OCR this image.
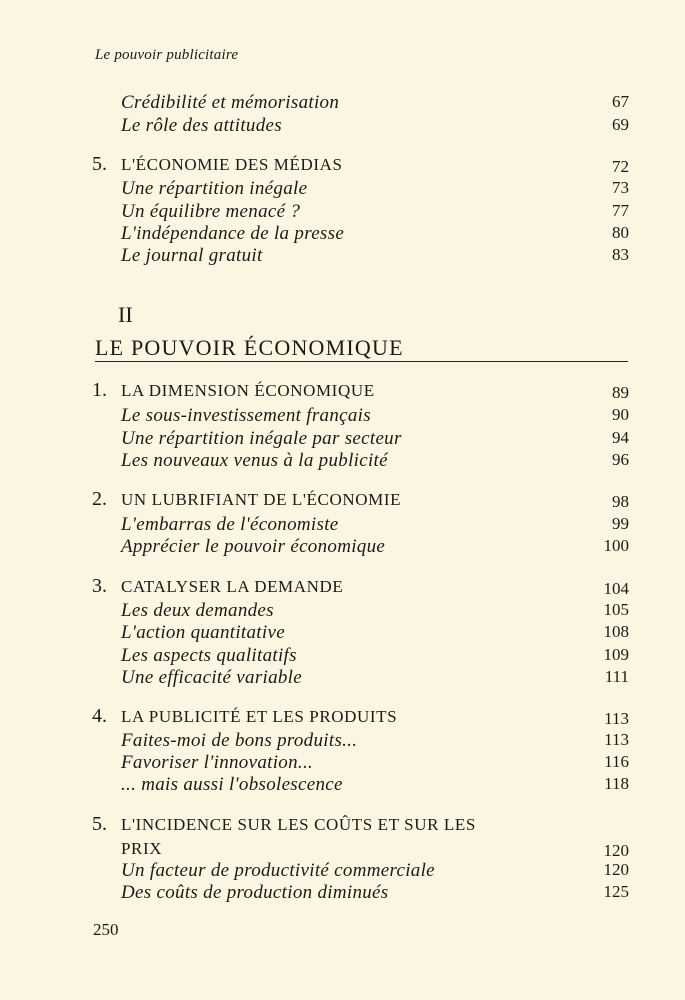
Le pouvoir publicitaire
Crédibilité et mémorisation	67
Le rôle des attitudes	69
5. L'ÉCONOMIE DES MÉDIAS	72
Une répartition inégale	73
Un équilibre menacé ?	77
L'indépendance de la presse	80
Le journal gratuit	83
II
LE POUVOIR ÉCONOMIQUE
1. LA DIMENSION ÉCONOMIQUE	89
Le sous-investissement français	90
Une répartition inégale par secteur	94
Les nouveaux venus à la publicité	96
2. UN LUBRIFIANT DE L'ÉCONOMIE	98
L'embarras de l'économiste	99
Apprécier le pouvoir économique	100
3. CATALYSER LA DEMANDE	104
Les deux demandes	105
L'action quantitative	108
Les aspects qualitatifs	109
Une efficacité variable	111
4. LA PUBLICITÉ ET LES PRODUITS	113
Faites-moi de bons produits...	113
Favoriser l'innovation...	116
... mais aussi l'obsolescence	118
5. L'INCIDENCE SUR LES COÛTS ET SUR LES
PRIX	120
Un facteur de productivité commerciale	120
Des coûts de production diminués	125
250
